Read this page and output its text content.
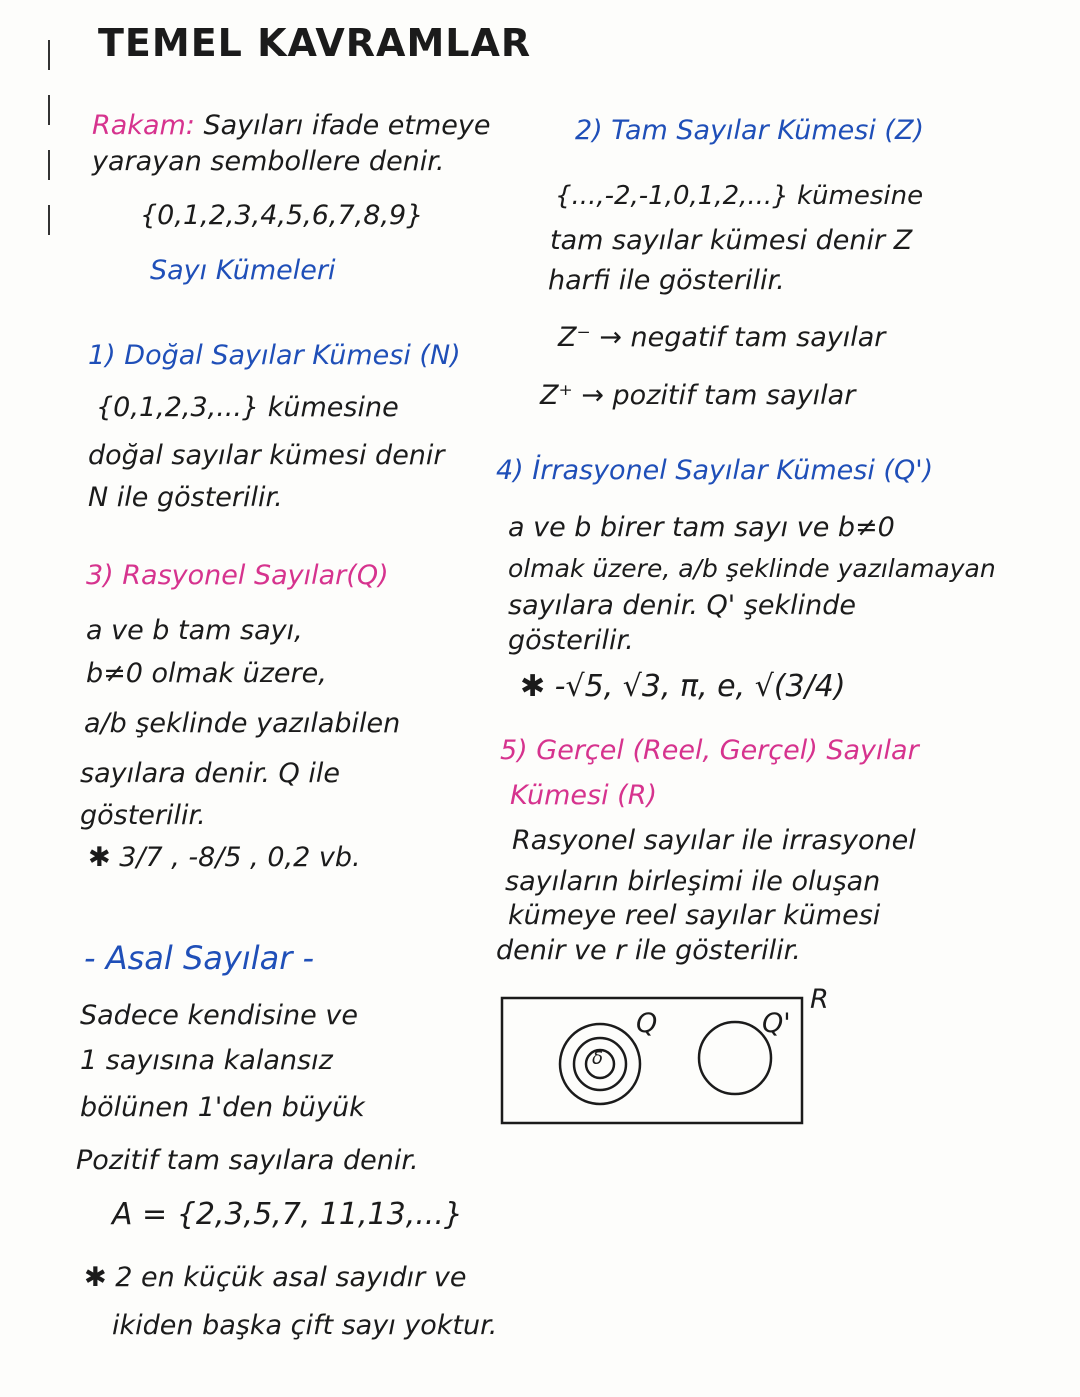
TEMEL KAVRAMLAR
Rakam: Sayıları ifade etmeye
yarayan sembollere denir.
{0,1,2,3,4,5,6,7,8,9}
Sayı Kümeleri
1) Doğal Sayılar Kümesi (N)
{0,1,2,3,...} kümesine
doğal sayılar kümesi denir
N ile gösterilir.
3) Rasyonel Sayılar(Q)
a ve b tam sayı,
b≠0 olmak üzere,
a/b şeklinde yazılabilen
sayılara denir. Q ile
gösterilir.
✱ 3/7 , -8/5 , 0,2 vb.
- Asal Sayılar -
Sadece kendisine ve
1 sayısına kalansız
bölünen 1'den büyük
Pozitif tam sayılara denir.
A = {2,3,5,7, 11,13,...}
✱ 2 en küçük asal sayıdır ve
ikiden başka çift sayı yoktur.
2) Tam Sayılar Kümesi (Z)
{...,-2,-1,0,1,2,...} kümesine
tam sayılar kümesi denir Z
harfi ile gösterilir.
Z⁻ → negatif tam sayılar
Z⁺ → pozitif tam sayılar
4) İrrasyonel Sayılar Kümesi (Q')
a ve b birer tam sayı ve b≠0
olmak üzere, a/b şeklinde yazılamayan
sayılara denir. Q' şeklinde
gösterilir.
✱ -√5, √3, π, e, √(3/4)
5) Gerçel (Reel, Gerçel) Sayılar
Kümesi (R)
Rasyonel sayılar ile irrasyonel
sayıların birleşimi ile oluşan
kümeye reel sayılar kümesi
denir ve r ile gösterilir.
δ
Q	Q'
R
